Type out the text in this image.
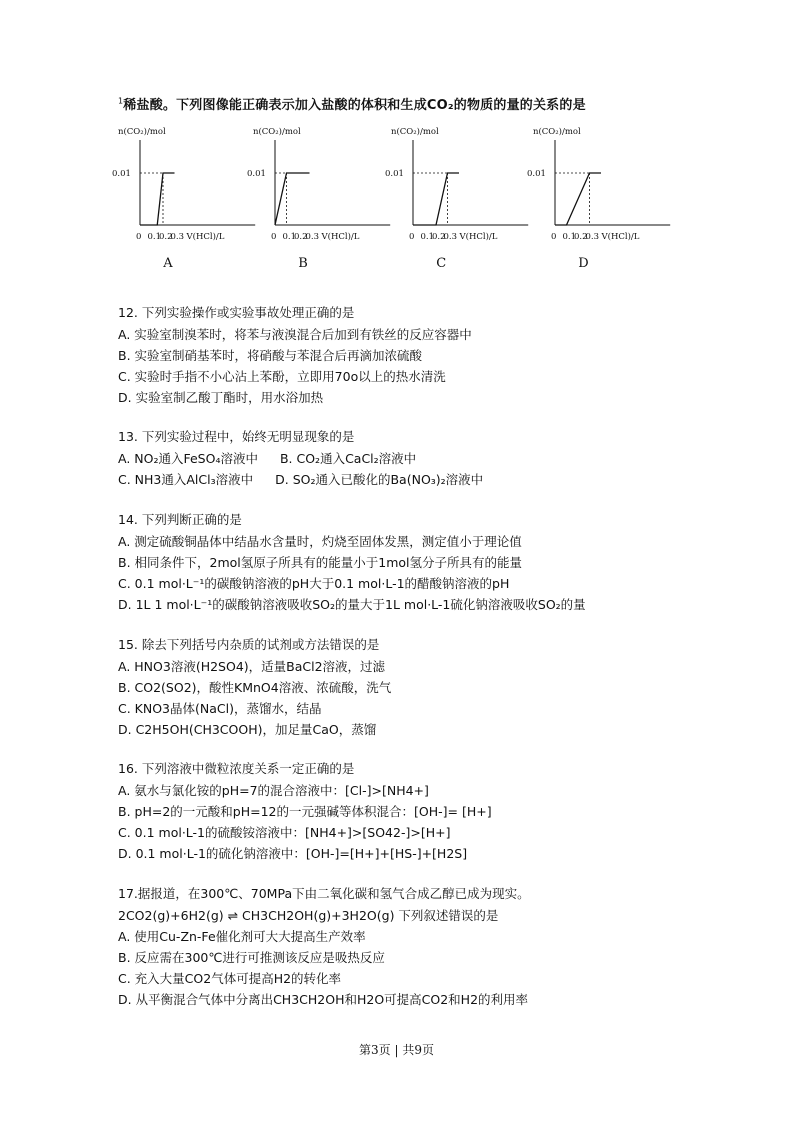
$^1$稀盐酸。下列图像能正确表示加入盐酸的体积和生成CO₂的物质的量的关系的是
n(CO₂)/mol
0.01
0 0.1
0.2
0.3 V(HCl)/L
A
n(CO₂)/mol
0.01
0 0.1
0.2
0.3 V(HCl)/L
B
n(CO₂)/mol
0.01
0 0.1
0.2
0.3 V(HCl)/L
C
n(CO₂)/mol
0.01
0 0.1
0.2
0.3 V(HCl)/L
D
12. 下列实验操作或实验事故处理正确的是
A. 实验室制溴苯时，将苯与液溴混合后加到有铁丝的反应容器中
B. 实验室制硝基苯时，将硝酸与苯混合后再滴加浓硫酸
C. 实验时手指不小心沾上苯酚，立即用70o以上的热水清洗
D. 实验室制乙酸丁酯时，用水浴加热
13. 下列实验过程中，始终无明显现象的是
A. NO₂通入FeSO₄溶液中 B. CO₂通入CaCl₂溶液中
C. NH3通入AlCl₃溶液中 D. SO₂通入已酸化的Ba(NO₃)₂溶液中
14. 下列判断正确的是
A. 测定硫酸铜晶体中结晶水含量时，灼烧至固体发黑，测定值小于理论值
B. 相同条件下，2mol氢原子所具有的能量小于1mol氢分子所具有的能量
C. 0.1 mol·L⁻¹的碳酸钠溶液的pH大于0.1 mol·L-1的醋酸钠溶液的pH
D. 1L 1 mol·L⁻¹的碳酸钠溶液吸收SO₂的量大于1L mol·L-1硫化钠溶液吸收SO₂的量
15. 除去下列括号内杂质的试剂或方法错误的是
A. HNO3溶液(H2SO4)，适量BaCl2溶液，过滤
B. CO2(SO2)，酸性KMnO4溶液、浓硫酸，洗气
C. KNO3晶体(NaCl)，蒸馏水，结晶
D. C2H5OH(CH3COOH)，加足量CaO，蒸馏
16. 下列溶液中微粒浓度关系一定正确的是
A. 氨水与氯化铵的pH=7的混合溶液中：[Cl-]>[NH4+]
B. pH=2的一元酸和pH=12的一元强碱等体积混合：[OH-]= [H+]
C. 0.1 mol·L-1的硫酸铵溶液中：[NH4+]>[SO42-]>[H+]
D. 0.1 mol·L-1的硫化钠溶液中：[OH-]=[H+]+[HS-]+[H2S]
17.据报道，在300℃、70MPa下由二氧化碳和氢气合成乙醇已成为现实。
2CO2(g)+6H2(g) ⇌ CH3CH2OH(g)+3H2O(g) 下列叙述错误的是
A. 使用Cu-Zn-Fe催化剂可大大提高生产效率
B. 反应需在300℃进行可推测该反应是吸热反应
C. 充入大量CO2气体可提高H2的转化率
D. 从平衡混合气体中分离出CH3CH2OH和H2O可提高CO2和H2的利用率
第3页 | 共9页
